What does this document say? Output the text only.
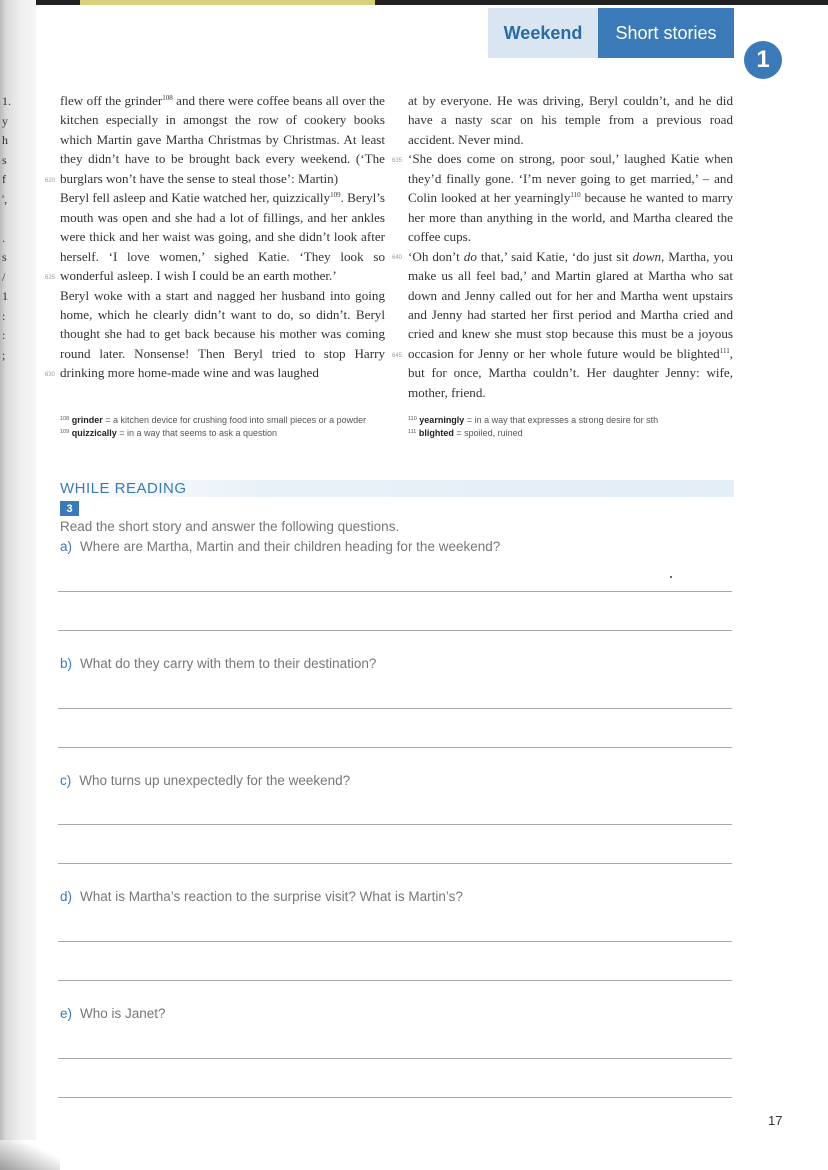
1.
y
h
s
f
',
.
s
/
1
:
:
;
Weekend Short stories
1

flew off the grinder$^{108}$ and there were coffee beans all over the kitchen especially in amongst the row of cookery books which Martin gave Martha Christmas by Christmas. At least they didn’t have to be brought back every weekend. (‘The burglars won’t have the sense to steal those’: Martin)

Beryl fell asleep and Katie watched her, quizzically$^{109}$. Beryl’s mouth was open and she had a lot of fillings, and her ankles were thick and her waist was going, and she didn’t look after herself. ‘I love women,’ sighed Katie. ‘They look so wonderful asleep. I wish I could be an earth mother.’

Beryl woke with a start and nagged her husband into going home, which he clearly didn’t want to do, so didn’t. Beryl thought she had to get back because his mother was coming round later. Nonsense! Then Beryl tried to stop Harry drinking more home-made wine and was laughed

620
625
630

at by everyone. He was driving, Beryl couldn’t, and he did have a nasty scar on his temple from a previous road accident. Never mind.

‘She does come on strong, poor soul,’ laughed Katie when they’d finally gone. ‘I’m never going to get married,’ – and Colin looked at her yearningly$^{110}$ because he wanted to marry her more than anything in the world, and Martha cleared the coffee cups.

‘Oh don’t do that,’ said Katie, ‘do just sit down, Martha, you make us all feel bad,’ and Martin glared at Martha who sat down and Jenny called out for her and Martha went upstairs and Jenny had started her first period and Martha cried and cried and knew she must stop because this must be a joyous occasion for Jenny or her whole future would be blighted$^{111}$, but for once, Martha couldn’t. Her daughter Jenny: wife, mother, friend.

635
640
645
$^{108}$ grinder = a kitchen device for crushing food into small pieces or a powder
$^{109}$ quizzically = in a way that seems to ask a question
$^{110}$ yearningly = in a way that expresses a strong desire for sth
$^{111}$ blighted = spoiled, ruined
WHILE READING
3
Read the short story and answer the following questions.
a) Where are Martha, Martin and their children heading for the weekend?
b) What do they carry with them to their destination?
c) Who turns up unexpectedly for the weekend?
d) What is Martha’s reaction to the surprise visit? What is Martin’s?
e) Who is Janet?
17
